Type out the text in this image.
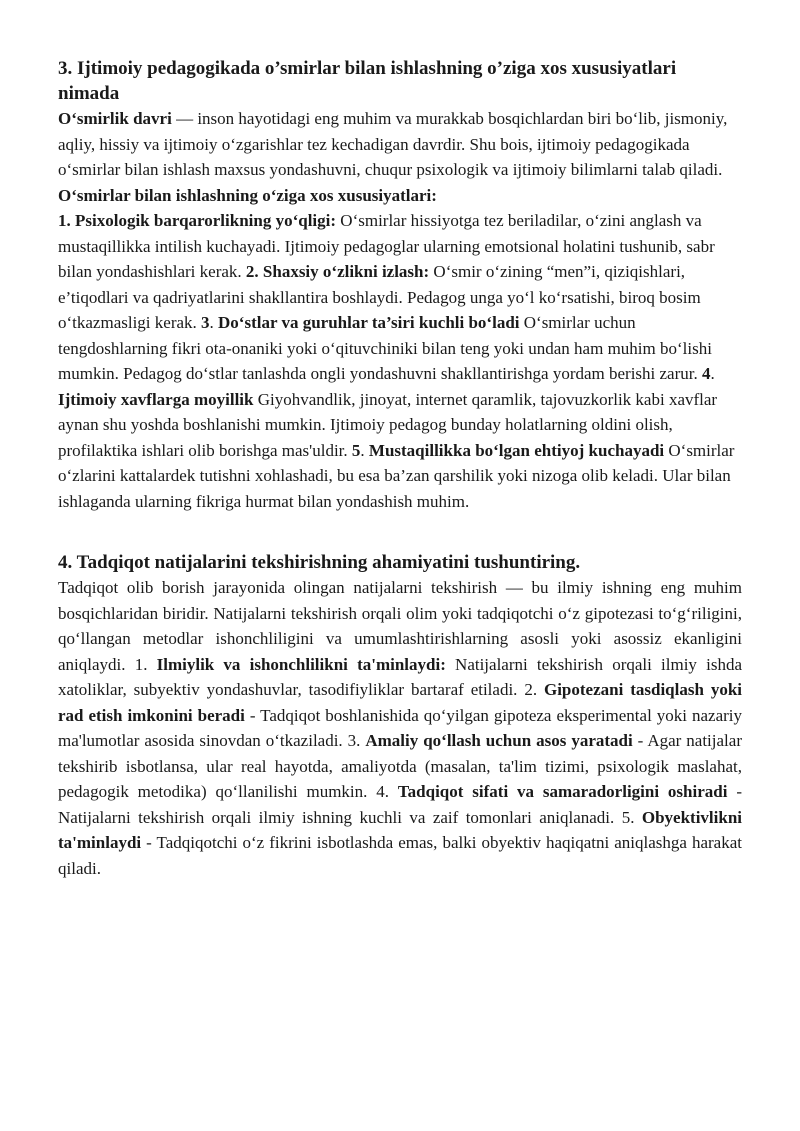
3. Ijtimoiy pedagogikada o’smirlar bilan ishlashning o’ziga xos xususiyatlari nimada

O‘smirlik davri — inson hayotidagi eng muhim va murakkab bosqichlardan biri bo‘lib, jismoniy, aqliy, hissiy va ijtimoiy o‘zgarishlar tez kechadigan davrdir. Shu bois, ijtimoiy pedagogikada o‘smirlar bilan ishlash maxsus yondashuvni, chuqur psixologik va ijtimoiy bilimlarni talab qiladi. O‘smirlar bilan ishlashning o‘ziga xos xususiyatlari:
1. Psixologik barqarorlikning yo‘qligi: O‘smirlar hissiyotga tez beriladilar, o‘zini anglash va mustaqillikka intilish kuchayadi. Ijtimoiy pedagoglar ularning emotsional holatini tushunib, sabr bilan yondashishlari kerak. 2. Shaxsiy o‘zlikni izlash: O‘smir o‘zining “men”i, qiziqishlari, e’tiqodlari va qadriyatlarini shakllantira boshlaydi. Pedagog unga yo‘l ko‘rsatishi, biroq bosim o‘tkazmasligi kerak. 3. Do‘stlar va guruhlar ta’siri kuchli bo‘ladi O‘smirlar uchun tengdoshlarning fikri ota-onaniki yoki o‘qituvchiniki bilan teng yoki undan ham muhim bo‘lishi mumkin. Pedagog do‘stlar tanlashda ongli yondashuvni shakllantirishga yordam berishi zarur. 4. Ijtimoiy xavflarga moyillik Giyohvandlik, jinoyat, internet qaramlik, tajovuzkorlik kabi xavflar aynan shu yoshda boshlanishi mumkin. Ijtimoiy pedagog bunday holatlarning oldini olish, profilaktika ishlari olib borishga mas'uldir. 5. Mustaqillikka bo‘lgan ehtiyoj kuchayadi O‘smirlar o‘zlarini kattalardek tutishni xohlashadi, bu esa ba’zan qarshilik yoki nizoga olib keladi. Ular bilan ishlaganda ularning fikriga hurmat bilan yondashish muhim.

4. Tadqiqot natijalarini tekshirishning ahamiyatini tushuntiring.

Tadqiqot olib borish jarayonida olingan natijalarni tekshirish — bu ilmiy ishning eng muhim bosqichlaridan biridir. Natijalarni tekshirish orqali olim yoki tadqiqotchi o‘z gipotezasi to‘g‘riligini, qo‘llangan metodlar ishonchliligini va umumlashtirishlarning asosli yoki asossiz ekanligini aniqlaydi. 1. Ilmiylik va ishonchlilikni ta'minlaydi: Natijalarni tekshirish orqali ilmiy ishda xatoliklar, subyektiv yondashuvlar, tasodifiyliklar bartaraf etiladi. 2. Gipotezani tasdiqlash yoki rad etish imkonini beradi - Tadqiqot boshlanishida qo‘yilgan gipoteza eksperimental yoki nazariy ma'lumotlar asosida sinovdan o‘tkaziladi. 3. Amaliy qo‘llash uchun asos yaratadi - Agar natijalar tekshirib isbotlansa, ular real hayotda, amaliyotda (masalan, ta'lim tizimi, psixologik maslahat, pedagogik metodika) qo‘llanilishi mumkin. 4. Tadqiqot sifati va samaradorligini oshiradi - Natijalarni tekshirish orqali ilmiy ishning kuchli va zaif tomonlari aniqlanadi. 5. Obyektivlikni ta'minlaydi - Tadqiqotchi o‘z fikrini isbotlashda emas, balki obyektiv haqiqatni aniqlashga harakat qiladi.
